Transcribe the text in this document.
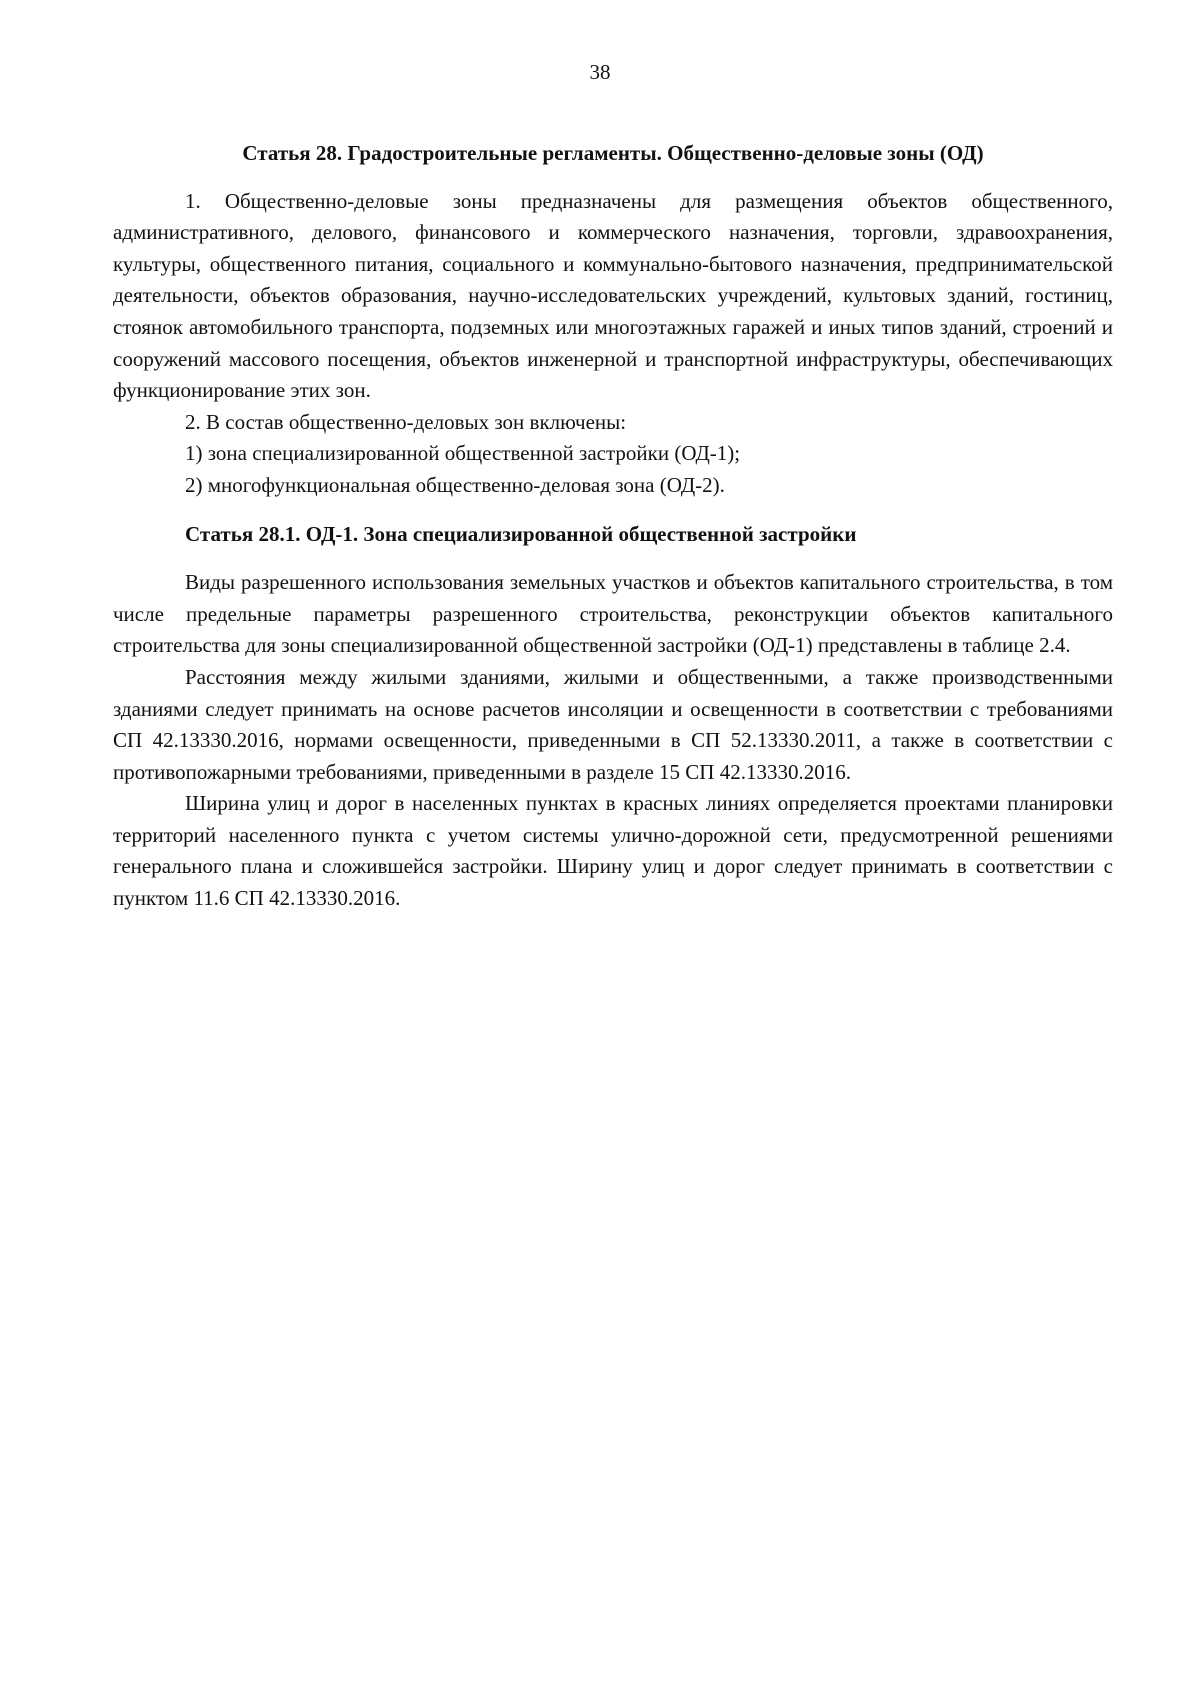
38
Статья 28. Градостроительные регламенты. Общественно-деловые зоны (ОД)

1. Общественно-деловые зоны предназначены для размещения объектов общественного, административного, делового, финансового и коммерческого назначения, торговли, здравоохранения, культуры, общественного питания, социального и коммунально-бытового назначения, предпринимательской деятельности, объектов образования, научно-исследовательских учреждений, культовых зданий, гостиниц, стоянок автомобильного транспорта, подземных или многоэтажных гаражей и иных типов зданий, строений и сооружений массового посещения, объектов инженерной и транспортной инфраструктуры, обеспечивающих функционирование этих зон.

2. В состав общественно-деловых зон включены:

1) зона специализированной общественной застройки (ОД-1);

2) многофункциональная общественно-деловая зона (ОД-2).

Статья 28.1. ОД-1. Зона специализированной общественной застройки

Виды разрешенного использования земельных участков и объектов капитального строительства, в том числе предельные параметры разрешенного строительства, реконструкции объектов капитального строительства для зоны специализированной общественной застройки (ОД-1) представлены в таблице 2.4.

Расстояния между жилыми зданиями, жилыми и общественными, а также производственными зданиями следует принимать на основе расчетов инсоляции и освещенности в соответствии с требованиями СП 42.13330.2016, нормами освещенности, приведенными в СП 52.13330.2011, а также в соответствии с противопожарными требованиями, приведенными в разделе 15 СП 42.13330.2016.

Ширина улиц и дорог в населенных пунктах в красных линиях определяется проектами планировки территорий населенного пункта с учетом системы улично-дорожной сети, предусмотренной решениями генерального плана и сложившейся застройки. Ширину улиц и дорог следует принимать в соответствии с пунктом 11.6 СП 42.13330.2016.
